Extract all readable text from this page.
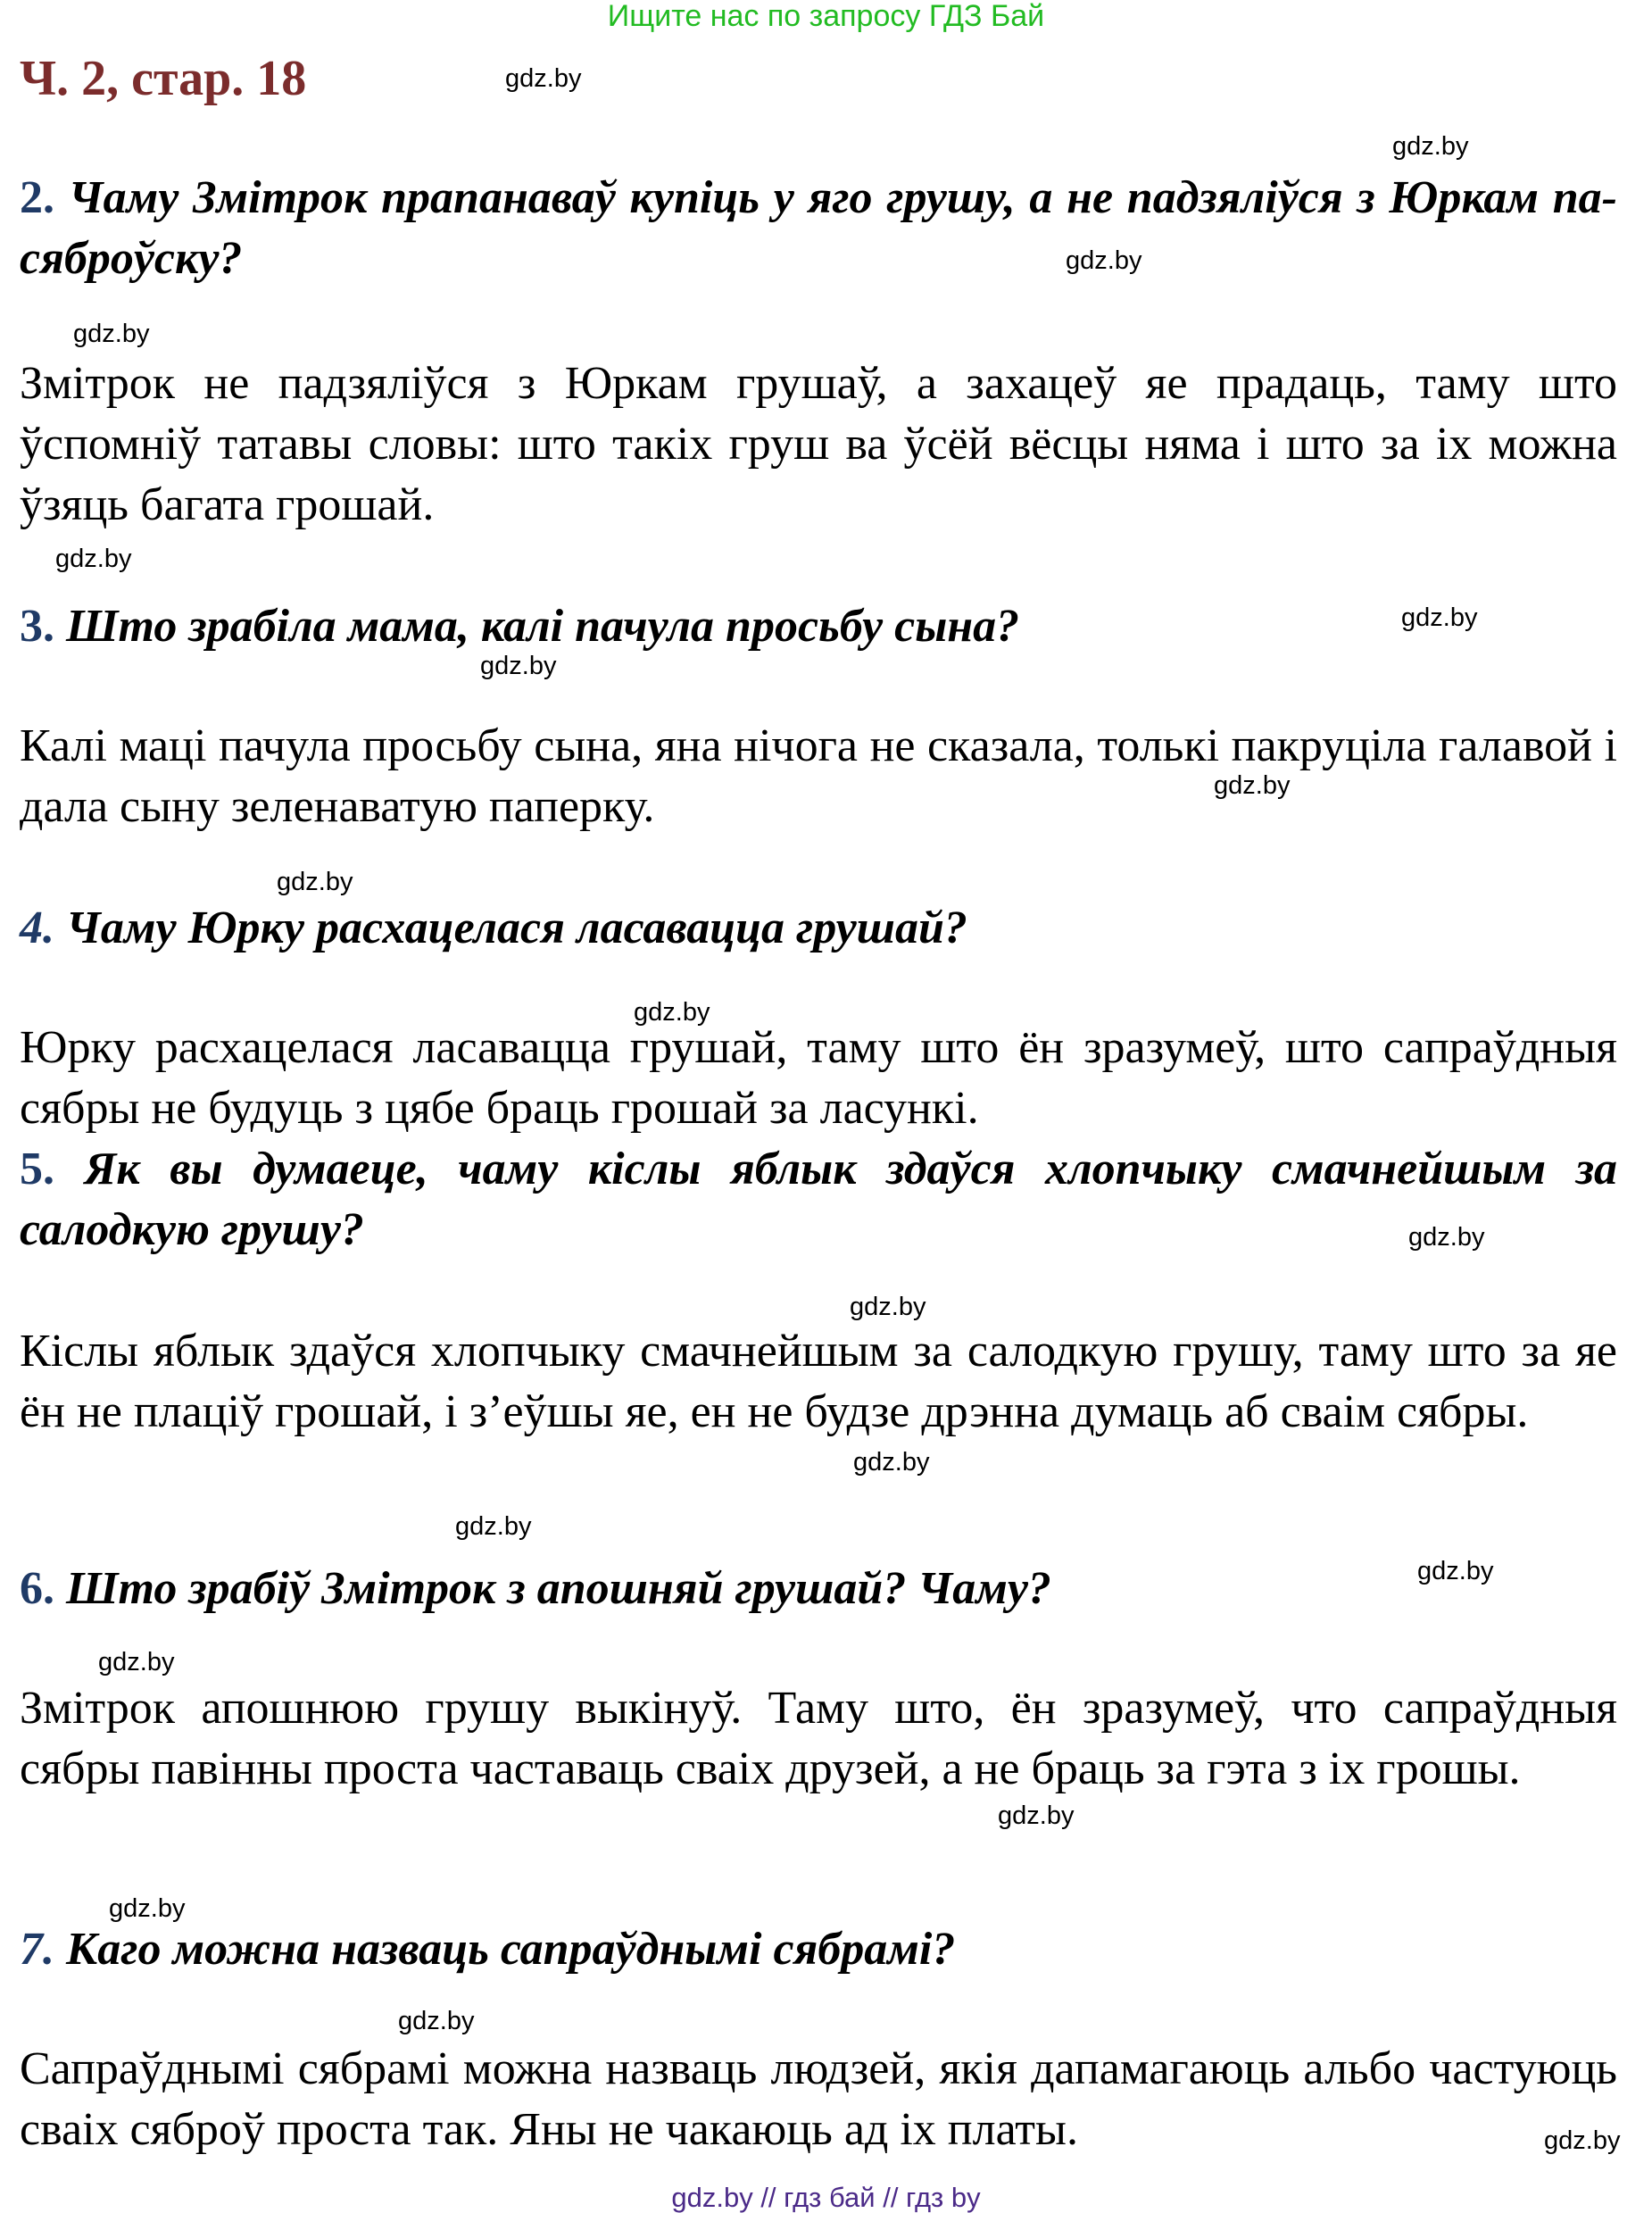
Ищите нас по запросу ГДЗ Бай
Ч. 2, стар. 18

2. Чаму Змітрок прапанаваў купіць у яго грушу, а не падзяліўся з Юркам па-сяброўску?

Змітрок не падзяліўся з Юркам грушаў, а захацеў яе прадаць, таму што ўспомніў татавы словы: што такіх груш ва ўсёй вёсцы няма і што за іх можна ўзяць багата грошай.

3. Што зрабіла мама, калі пачула просьбу сына?

Калі маці пачула просьбу сына, яна нічога не сказала, толькі пакруціла галавой і дала сыну зеленаватую паперку.

4. Чаму Юрку расхацелася ласавацца грушай?

Юрку расхацелася ласавацца грушай, таму што ён зразумеў, што сапраўдныя сябры не будуць з цябе браць грошай за ласункі.

5. Як вы думаеце, чаму кіслы яблык здаўся хлопчыку смачнейшым за салодкую грушу?

Кіслы яблык здаўся хлопчыку смачнейшым за салодкую грушу, таму што за яе ён не плаціў грошай, і з’еўшы яе, ен не будзе дрэнна думаць аб сваім сябры.

6. Што зрабіў Змітрок з апошняй грушай? Чаму?

Змітрок апошнюю грушу выкінуў. Таму што, ён зразумеў, что сапраўдныя сябры павінны проста частаваць сваіх друзей, а не браць за гэта з іх грошы.

7. Каго можна назваць сапраўднымі сябрамі?

Сапраўднымі сябрамі можна назваць людзей, якія дапамагаюць альбо частуюць сваіх сяброў проста так. Яны не чакаюць ад іх платы.

gdz.by
gdz.by
gdz.by
gdz.by
gdz.by
gdz.by
gdz.by
gdz.by
gdz.by
gdz.by
gdz.by
gdz.by
gdz.by
gdz.by
gdz.by
gdz.by
gdz.by
gdz.by
gdz.by
gdz.by
gdz.by // гдз бай // гдз by
